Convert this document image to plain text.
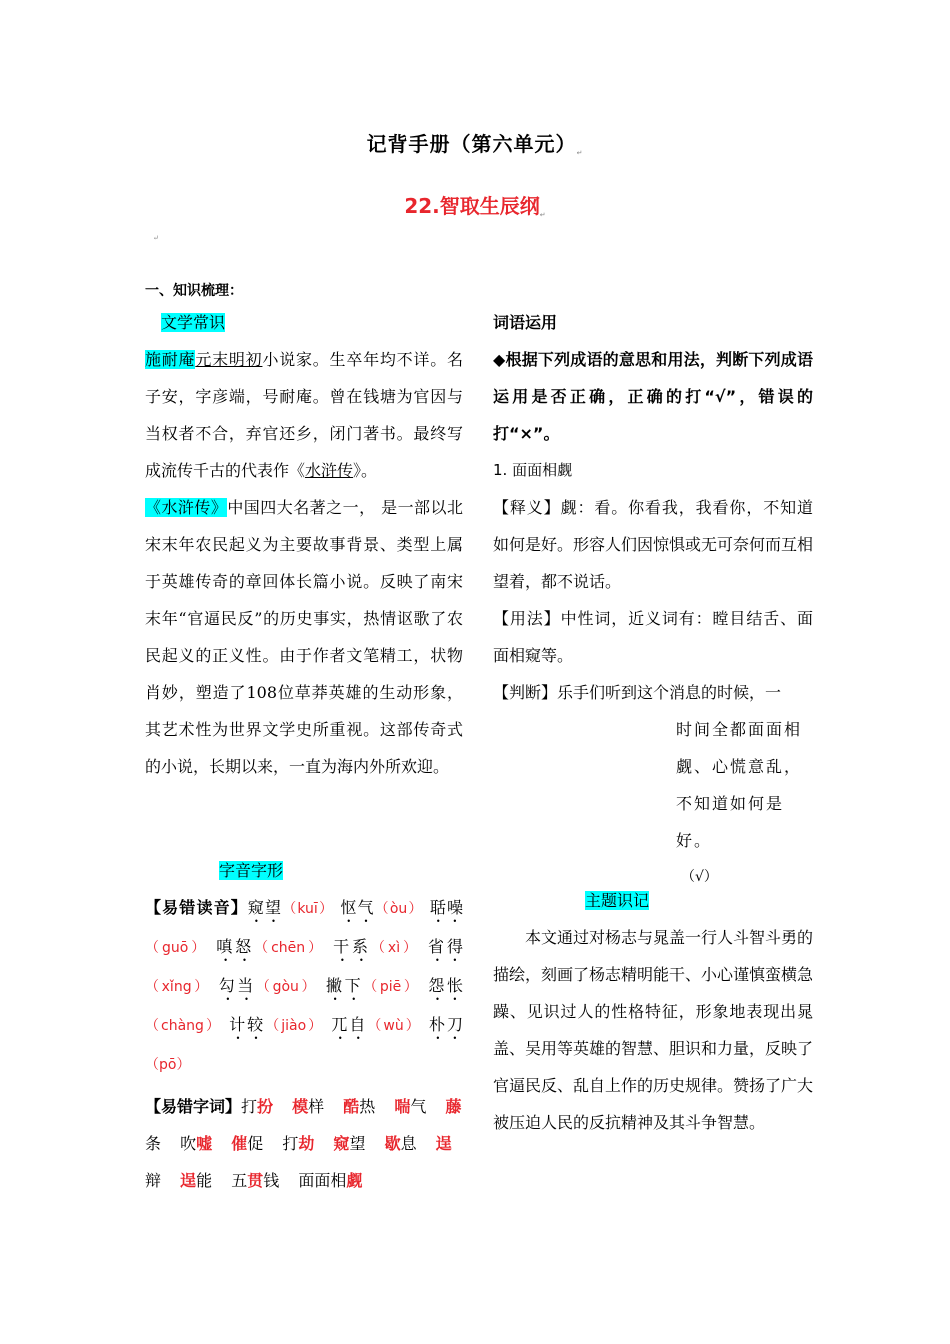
记背手册（第六单元）↵
22.智取生辰纲↵
↵
一、知识梳理：
文学常识
施耐庵元末明初小说家。生卒年均不详。名子安，字彦端，号耐庵。曾在钱塘为官因与当权者不合，弃官还乡，闭门著书。最终写成流传千古的代表作《水浒传》。
《水浒传》中国四大名著之一， 是一部以北宋末年农民起义为主要故事背景、类型上属于英雄传奇的章回体长篇小说。反映了南宋末年“官逼民反”的历史事实，热情讴歌了农民起义的正义性。由于作者文笔精工，状物肖妙，塑造了108位草莽英雄的生动形象，其艺术性为世界文学史所重视。这部传奇式的小说，长期以来，一直为海内外所欢迎。
字音字形
【易错读音】窥望（kuī） 怄气（òu） 聒噪（guō） 嗔怒（chēn） 干系（xì） 省得（xǐng） 勾当（gòu） 撇下（piē） 怨怅（chàng） 计较（jiào） 兀自（wù） 朴刀（pō）
【易错字词】打扮 模样 酷热 喘气 藤条 吹嘘 催促 打劫 窥望 歇息 逞辩 逞能 五贯钱 面面相觑
词语运用
◆根据下列成语的意思和用法，判断下列成语运用是否正确，正确的打“√”，错误的打“×”。
1. 面面相觑
【释义】觑：看。你看我，我看你，不知道如何是好。形容人们因惊惧或无可奈何而互相望着，都不说话。
【用法】中性词，近义词有：瞠目结舌、面面相窥等。
【判断】乐手们听到这个消息的时候，一
时间全都面面相
觑、心慌意乱，
不知道如何是好。
（√）
主题识记
本文通过对杨志与晁盖一行人斗智斗勇的描绘，刻画了杨志精明能干、小心谨慎蛮横急躁、见识过人的性格特征，形象地表现出晁盖、吴用等英雄的智慧、胆识和力量，反映了官逼民反、乱自上作的历史规律。赞扬了广大被压迫人民的反抗精神及其斗争智慧。
